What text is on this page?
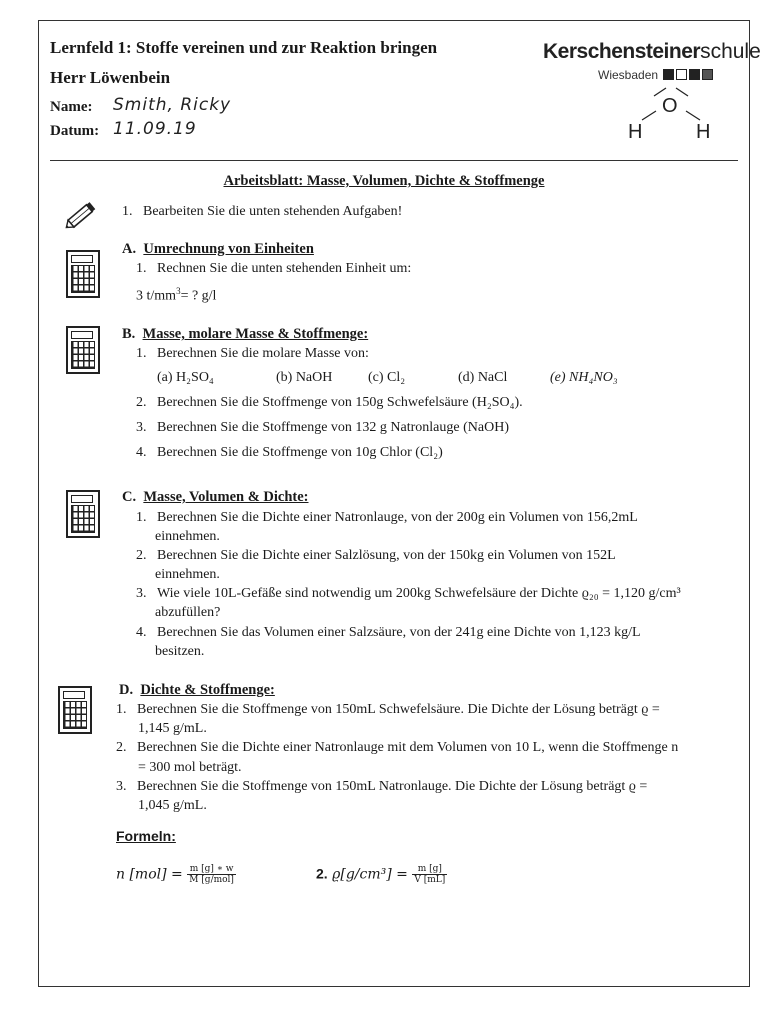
Lernfeld 1: Stoffe vereinen und zur Reaktion bringen
Herr Löwenbein
Name: Smith, Ricky
Datum: 11.09.19
Kerschensteinerschule
Wiesbaden
O
H	H
Arbeitsblatt: Masse, Volumen, Dichte & Stoffmenge
1. Bearbeiten Sie die unten stehenden Aufgaben!
A. Umrechnung von Einheiten
1. Rechnen Sie die unten stehenden Einheit um:
3 $t/mm^3=$ ? g/l
B. Masse, molare Masse & Stoffmenge:
1. Berechnen Sie die molare Masse von:
(a) H₂SO₄	(b) NaOH	(c) Cl₂	(d) NaCl	(e) NH₄NO₃
2. Berechnen Sie die Stoffmenge von 150g Schwefelsäure (H₂SO₄).
3. Berechnen Sie die Stoffmenge von 132 g Natronlauge (NaOH)
4. Berechnen Sie die Stoffmenge von 10g Chlor (Cl₂)
C. Masse, Volumen & Dichte:
1. Berechnen Sie die Dichte einer Natronlauge, von der 200g ein Volumen von 156,2mL
einnehmen.
2. Berechnen Sie die Dichte einer Salzlösung, von der 150kg ein Volumen von 152L
einnehmen.
3. Wie viele 10L-Gefäße sind notwendig um 200kg Schwefelsäure der Dichte ϱ₂₀ = 1,120 g/cm³
abzufüllen?
4. Berechnen Sie das Volumen einer Salzsäure, von der 241g eine Dichte von 1,123 kg/L
besitzen.
D. Dichte & Stoffmenge:
1. Berechnen Sie die Stoffmenge von 150mL Schwefelsäure. Die Dichte der Lösung beträgt ϱ =
1,145 g/mL.
2. Berechnen Sie die Dichte einer Natronlauge mit dem Volumen von 10 L, wenn die Stoffmenge n
= 300 mol beträgt.
3. Berechnen Sie die Stoffmenge von 150mL Natronlauge. Die Dichte der Lösung beträgt ϱ =
1,045 g/mL.
Formeln:
n $[mol] = \frac{m [g] ∗ w}{\text{M [g/mol]}}$	2. $ϱ[g/cm^3] = \frac{m [g]}{V [mL]}$
